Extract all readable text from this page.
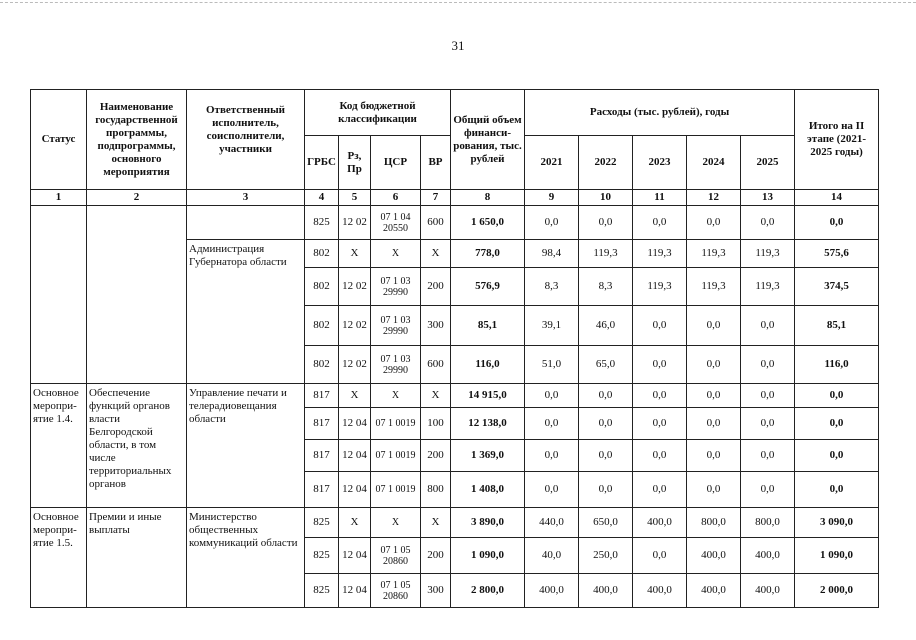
31
Статус	Наименование государственной программы, подпрограммы, основного мероприятия	Ответственный исполнитель, соисполнители, участники	Код бюджетной классификации				Общий объем финанси-рования, тыс. рублей	Расходы (тыс. рублей), годы					Итого на II этапе (2021-2025 годы)
			ГРБС	Рз, Пр	ЦСР	ВР		2021	2022	2023	2024	2025	
1	2	3	4	5	6	7	8	9	10	11	12	13	14
			825	12 02	07 1 04 20550	600	1 650,0	0,0	0,0	0,0	0,0	0,0	0,0
		Администрация Губернатора области	802	Х	Х	Х	778,0	98,4	119,3	119,3	119,3	119,3	575,6
			802	12 02	07 1 03 29990	200	576,9	8,3	8,3	119,3	119,3	119,3	374,5
			802	12 02	07 1 03 29990	300	85,1	39,1	46,0	0,0	0,0	0,0	85,1
			802	12 02	07 1 03 29990	600	116,0	51,0	65,0	0,0	0,0	0,0	116,0
Основное меропри-ятие 1.4.	Обеспечение функций органов власти Белгородской области, в том числе территориальных органов	Управление печати и телерадиовещания области	817	Х	Х	Х	14 915,0	0,0	0,0	0,0	0,0	0,0	0,0
			817	12 04	07 1 0019	100	12 138,0	0,0	0,0	0,0	0,0	0,0	0,0
			817	12 04	07 1 0019	200	1 369,0	0,0	0,0	0,0	0,0	0,0	0,0
			817	12 04	07 1 0019	800	1 408,0	0,0	0,0	0,0	0,0	0,0	0,0
Основное меропри-ятие 1.5.	Премии и иные выплаты	Министерство общественных коммуникаций области	825	Х	Х	Х	3 890,0	440,0	650,0	400,0	800,0	800,0	3 090,0
			825	12 04	07 1 05 20860	200	1 090,0	40,0	250,0	0,0	400,0	400,0	1 090,0
			825	12 04	07 1 05 20860	300	2 800,0	400,0	400,0	400,0	400,0	400,0	2 000,0
